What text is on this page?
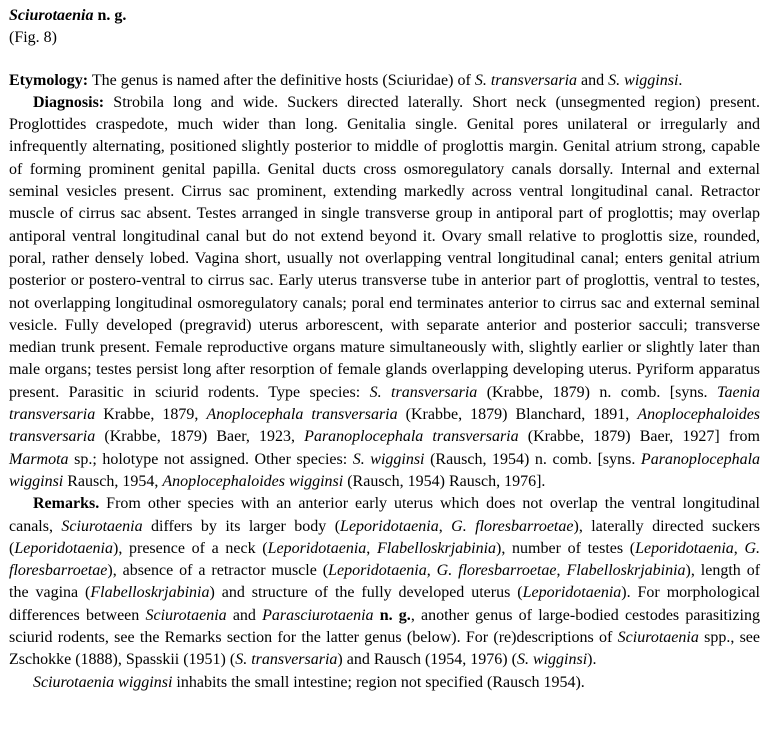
Sciurotaenia n. g.

(Fig. 8)

Etymology: The genus is named after the definitive hosts (Sciuridae) of S. transversaria and S. wigginsi.

Diagnosis: Strobila long and wide. Suckers directed laterally. Short neck (unsegmented region) present. Proglottides craspedote, much wider than long. Genitalia single. Genital pores unilateral or irregularly and infrequently alternating, positioned slightly posterior to middle of proglottis margin. Genital atrium strong, capable of forming prominent genital papilla. Genital ducts cross osmoregulatory canals dorsally. Internal and external seminal vesicles present. Cirrus sac prominent, extending markedly across ventral longitudinal canal. Retractor muscle of cirrus sac absent. Testes arranged in single transverse group in antiporal part of proglottis; may overlap antiporal ventral longitudinal canal but do not extend beyond it. Ovary small relative to proglottis size, rounded, poral, rather densely lobed. Vagina short, usually not overlapping ventral longitudinal canal; enters genital atrium posterior or postero-ventral to cirrus sac. Early uterus transverse tube in anterior part of proglottis, ventral to testes, not overlapping longitudinal osmoregulatory canals; poral end terminates anterior to cirrus sac and external seminal vesicle. Fully developed (pregravid) uterus arborescent, with separate anterior and posterior sacculi; transverse median trunk present. Female reproductive organs mature simultaneously with, slightly earlier or slightly later than male organs; testes persist long after resorption of female glands overlapping developing uterus. Pyriform apparatus present. Parasitic in sciurid rodents. Type species: S. transversaria (Krabbe, 1879) n. comb. [syns. Taenia transversaria Krabbe, 1879, Anoplocephala transversaria (Krabbe, 1879) Blanchard, 1891, Anoplocephaloides transversaria (Krabbe, 1879) Baer, 1923, Paranoplocephala transversaria (Krabbe, 1879) Baer, 1927] from Marmota sp.; holotype not assigned. Other species: S. wigginsi (Rausch, 1954) n. comb. [syns. Paranoplocephala wigginsi Rausch, 1954, Anoplocephaloides wigginsi (Rausch, 1954) Rausch, 1976].

Remarks. From other species with an anterior early uterus which does not overlap the ventral longitudinal canals, Sciurotaenia differs by its larger body (Leporidotaenia, G. floresbarroetae), laterally directed suckers (Leporidotaenia), presence of a neck (Leporidotaenia, Flabelloskrjabinia), number of testes (Leporidotaenia, G. floresbarroetae), absence of a retractor muscle (Leporidotaenia, G. floresbarroetae, Flabelloskrjabinia), length of the vagina (Flabelloskrjabinia) and structure of the fully developed uterus (Leporidotaenia). For morphological differences between Sciurotaenia and Parasciurotaenia n. g., another genus of large-bodied cestodes parasitizing sciurid rodents, see the Remarks section for the latter genus (below). For (re)descriptions of Sciurotaenia spp., see Zschokke (1888), Spasskii (1951) (S. transversaria) and Rausch (1954, 1976) (S. wigginsi).

Sciurotaenia wigginsi inhabits the small intestine; region not specified (Rausch 1954).
